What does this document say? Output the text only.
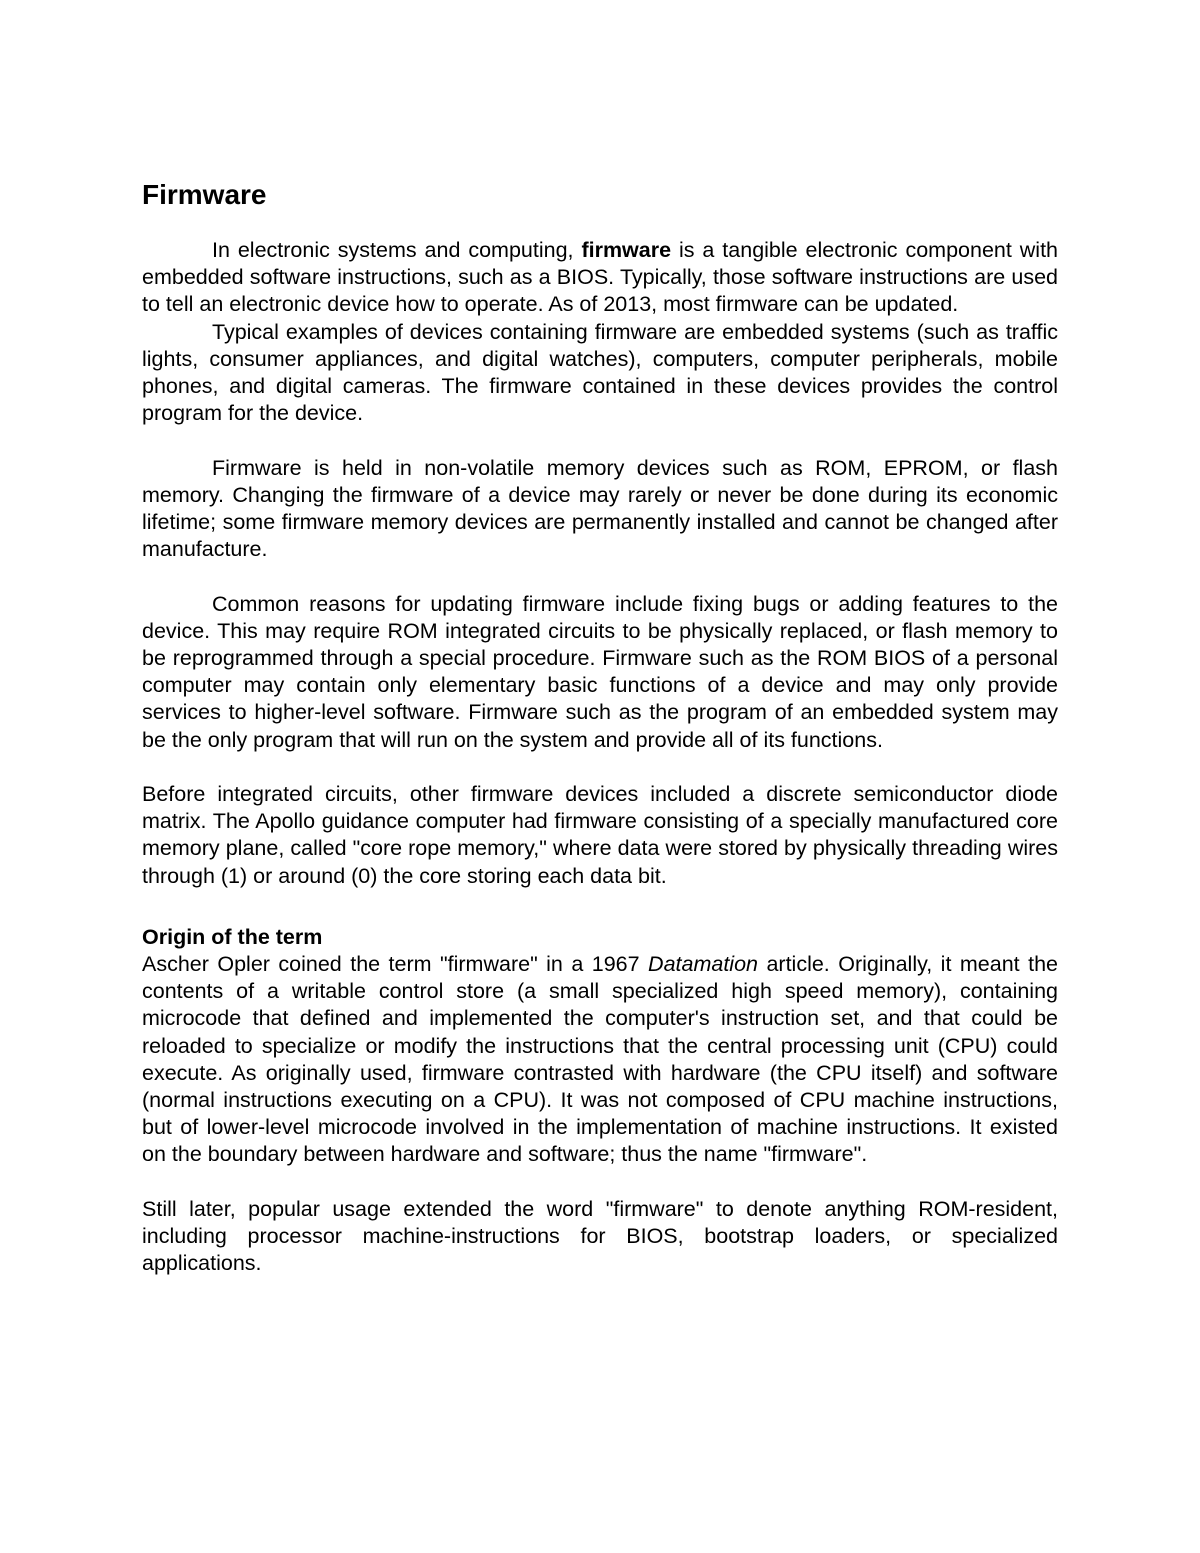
Firmware

In electronic systems and computing, firmware is a tangible electronic component with embedded software instructions, such as a BIOS. Typically, those software instructions are used to tell an electronic device how to operate. As of 2013, most firmware can be updated.

Typical examples of devices containing firmware are embedded systems (such as traffic lights, consumer appliances, and digital watches), computers, computer peripherals, mobile phones, and digital cameras. The firmware contained in these devices provides the control program for the device.

Firmware is held in non-volatile memory devices such as ROM, EPROM, or flash memory. Changing the firmware of a device may rarely or never be done during its economic lifetime; some firmware memory devices are permanently installed and cannot be changed after manufacture.

Common reasons for updating firmware include fixing bugs or adding features to the device. This may require ROM integrated circuits to be physically replaced, or flash memory to be reprogrammed through a special procedure. Firmware such as the ROM BIOS of a personal computer may contain only elementary basic functions of a device and may only provide services to higher-level software. Firmware such as the program of an embedded system may be the only program that will run on the system and provide all of its functions.

Before integrated circuits, other firmware devices included a discrete semiconductor diode matrix. The Apollo guidance computer had firmware consisting of a specially manufactured core memory plane, called "core rope memory," where data were stored by physically threading wires through (1) or around (0) the core storing each data bit.

Origin of the term

Ascher Opler coined the term "firmware" in a 1967 Datamation article. Originally, it meant the contents of a writable control store (a small specialized high speed memory), containing microcode that defined and implemented the computer's instruction set, and that could be reloaded to specialize or modify the instructions that the central processing unit (CPU) could execute. As originally used, firmware contrasted with hardware (the CPU itself) and software (normal instructions executing on a CPU). It was not composed of CPU machine instructions, but of lower-level microcode involved in the implementation of machine instructions. It existed on the boundary between hardware and software; thus the name "firmware".

Still later, popular usage extended the word "firmware" to denote anything ROM-resident, including processor machine-instructions for BIOS, bootstrap loaders, or specialized applications.
